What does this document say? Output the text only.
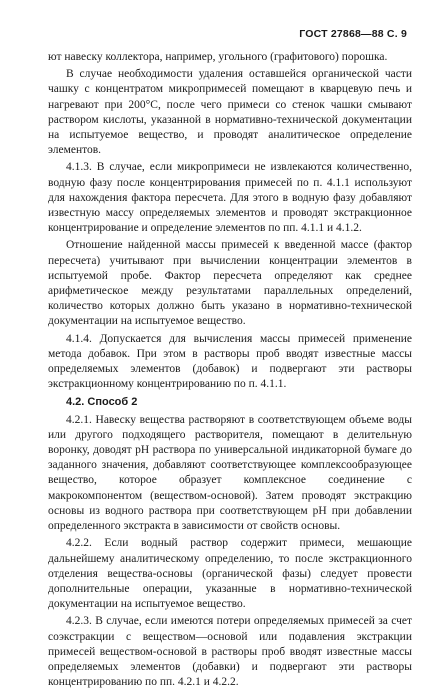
ГОСТ 27868—88 С. 9

ют навеску коллектора, например, угольного (графитового) порошка.

В случае необходимости удаления оставшейся органической части чашку с концентратом микропримесей помещают в кварцевую печь и нагревают при 200°С, после чего примеси со стенок чашки смывают раствором кислоты, указанной в нормативно-технической документации на испытуемое вещество, и проводят аналитическое определение элементов.

4.1.3. В случае, если микропримеси не извлекаются количественно, водную фазу после концентрирования примесей по п. 4.1.1 используют для нахождения фактора пересчета. Для этого в водную фазу добавляют известную массу определяемых элементов и проводят экстракционное концентрирование и определение элементов по пп. 4.1.1 и 4.1.2.

Отношение найденной массы примесей к введенной массе (фактор пересчета) учитывают при вычислении концентрации элементов в испытуемой пробе. Фактор пересчета определяют как среднее арифметическое между результатами параллельных определений, количество которых должно быть указано в нормативно-технической документации на испытуемое вещество.

4.1.4. Допускается для вычисления массы примесей применение метода добавок. При этом в растворы проб вводят известные массы определяемых элементов (добавок) и подвергают эти растворы экстракционному концентрированию по п. 4.1.1.

4.2. Способ 2

4.2.1. Навеску вещества растворяют в соответствующем объеме воды или другого подходящего растворителя, помещают в делительную воронку, доводят рН раствора по универсальной индикаторной бумаге до заданного значения, добавляют соответствующее комплексообразующее вещество, которое образует комплексное соединение с макрокомпонентом (веществом-основой). Затем проводят экстракцию основы из водного раствора при соответствующем рН при добавлении определенного экстракта в зависимости от свойств основы.

4.2.2. Если водный раствор содержит примеси, мешающие дальнейшему аналитическому определению, то после экстракционного отделения вещества-основы (органической фазы) следует провести дополнительные операции, указанные в нормативно-технической документации на испытуемое вещество.

4.2.3. В случае, если имеются потери определяемых примесей за счет соэкстракции с веществом—основой или подавления экстракции примесей веществом-основой в растворы проб вводят известные массы определяемых элементов (добавки) и подвергают эти растворы концентрированию по пп. 4.2.1 и 4.2.2.
